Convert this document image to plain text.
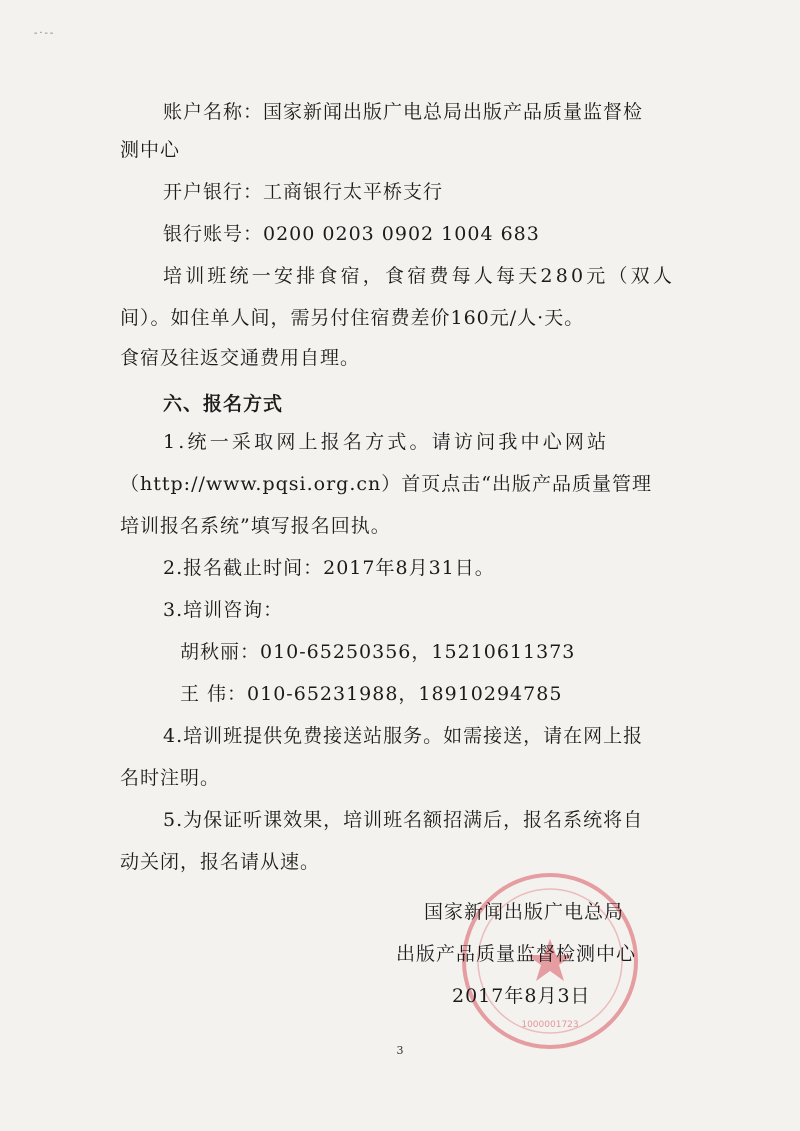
-·--
账户名称：国家新闻出版广电总局出版产品质量监督检
测中心
开户银行：工商银行太平桥支行
银行账号：0200 0203 0902 1004 683
培训班统一安排食宿，食宿费每人每天280元（双人
间）。如住单人间，需另付住宿费差价160元/人·天。
食宿及往返交通费用自理。
六、报名方式
1.统一采取网上报名方式。请访问我中心网站
（http://www.pqsi.org.cn）首页点击“出版产品质量管理
培训报名系统”填写报名回执。
2.报名截止时间：2017年8月31日。
3.培训咨询：
胡秋丽：010-65250356，15210611373
王 伟：010-65231988，18910294785
4.培训班提供免费接送站服务。如需接送，请在网上报
名时注明。
5.为保证听课效果，培训班名额招满后，报名系统将自
动关闭，报名请从速。
1000001723
国家新闻出版广电总局
出版产品质量监督检测中心
2017年8月3日
3
